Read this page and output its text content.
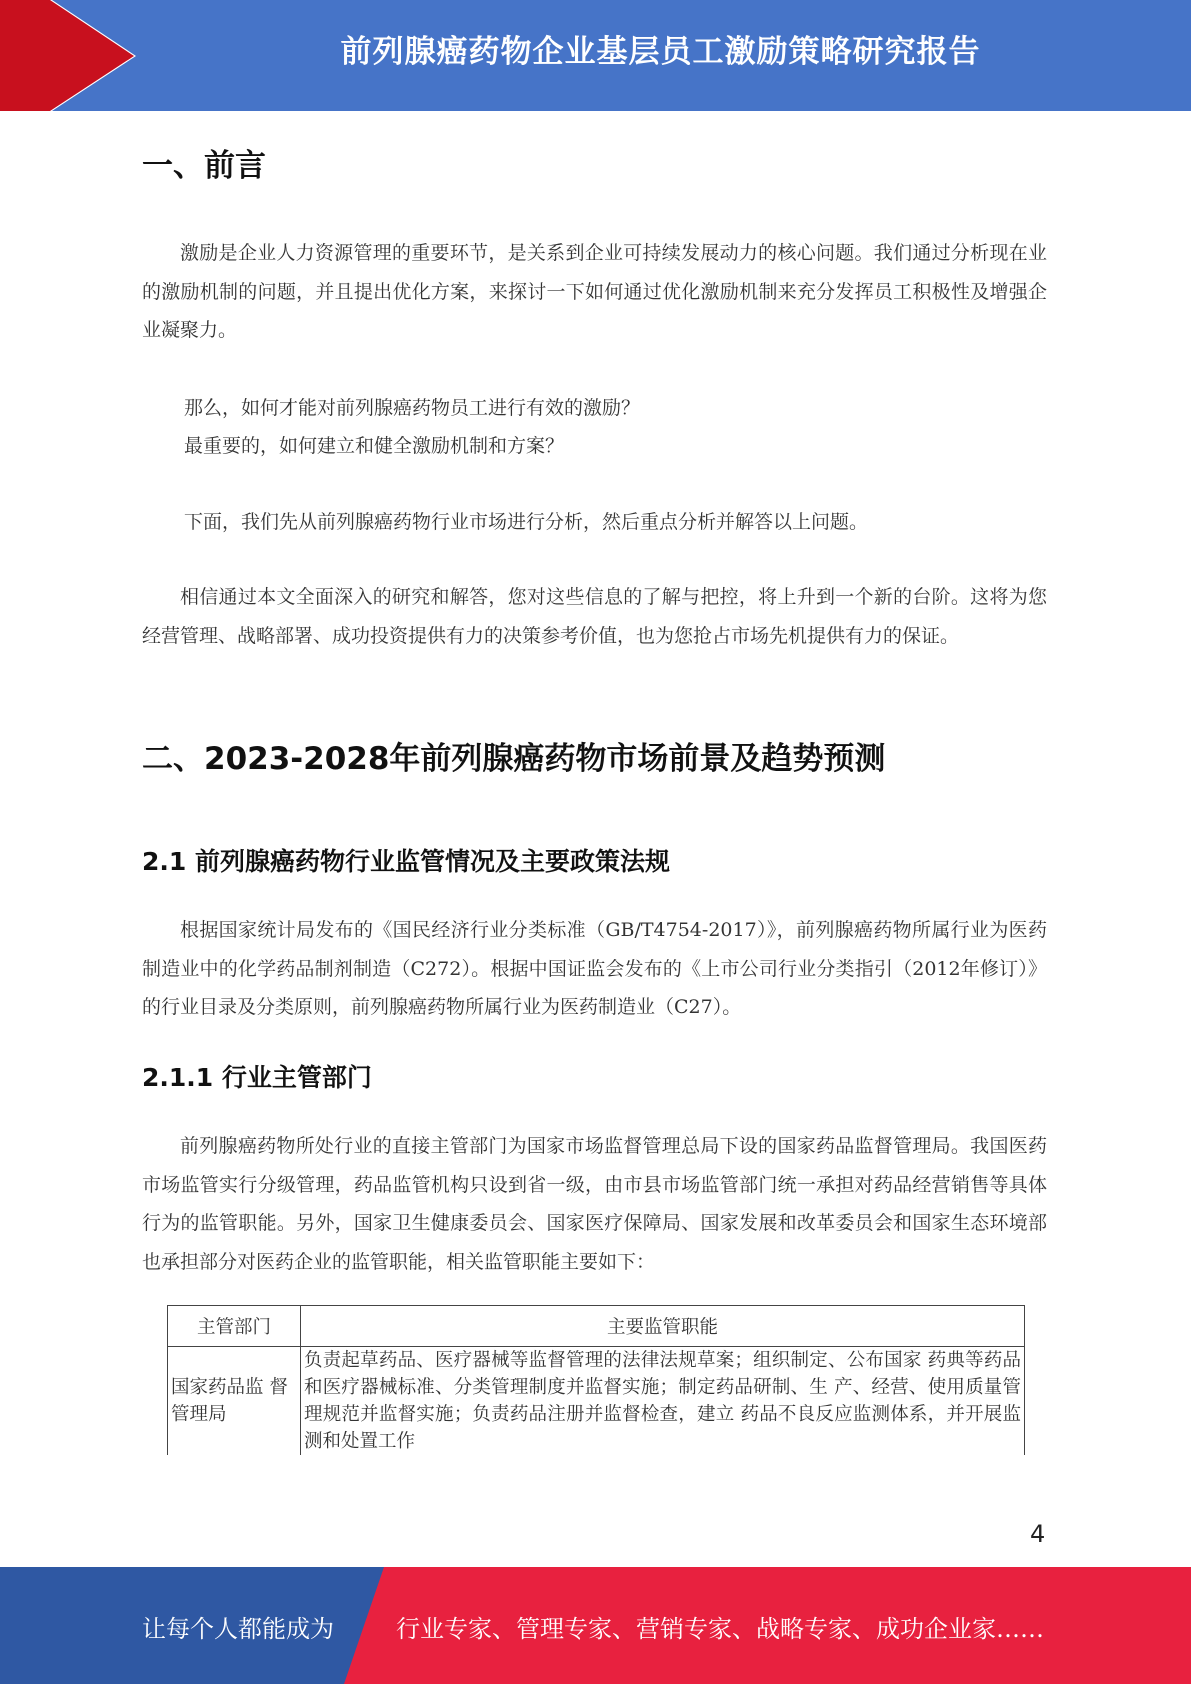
前列腺癌药物企业基层员工激励策略研究报告
一、前言

激励是企业人力资源管理的重要环节，是关系到企业可持续发展动力的核心问题。我们通过分析现在业的激励机制的问题，并且提出优化方案，来探讨一下如何通过优化激励机制来充分发挥员工积极性及增强企业凝聚力。

那么，如何才能对前列腺癌药物员工进行有效的激励？
最重要的，如何建立和健全激励机制和方案？
下面，我们先从前列腺癌药物行业市场进行分析，然后重点分析并解答以上问题。

相信通过本文全面深入的研究和解答，您对这些信息的了解与把控，将上升到一个新的台阶。这将为您经营管理、战略部署、成功投资提供有力的决策参考价值，也为您抢占市场先机提供有力的保证。

二、2023-2028年前列腺癌药物市场前景及趋势预测
2.1 前列腺癌药物行业监管情况及主要政策法规

根据国家统计局发布的《国民经济行业分类标准（GB/T4754-2017）》，前列腺癌药物所属行业为医药制造业中的化学药品制剂制造（C272）。根据中国证监会发布的《上市公司行业分类指引（2012年修订）》的行业目录及分类原则，前列腺癌药物所属行业为医药制造业（C27）。

2.1.1 行业主管部门

前列腺癌药物所处行业的直接主管部门为国家市场监督管理总局下设的国家药品监督管理局。我国医药市场监管实行分级管理，药品监管机构只设到省一级，由市县市场监管部门统一承担对药品经营销售等具体行为的监管职能。另外，国家卫生健康委员会、国家医疗保障局、国家发展和改革委员会和国家生态环境部也承担部分对医药企业的监管职能，相关监管职能主要如下：

主管部门	主要监管职能
国家药品监 督管理局	负责起草药品、医疗器械等监督管理的法律法规草案；组织制定、公布国家 药典等药品和医疗器械标准、分类管理制度并监督实施；制定药品研制、生 产、经营、使用质量管理规范并监督实施；负责药品注册并监督检查，建立 药品不良反应监测体系，并开展监测和处置工作
4
让每个人都能成为	行业专家、管理专家、营销专家、战略专家、成功企业家……
